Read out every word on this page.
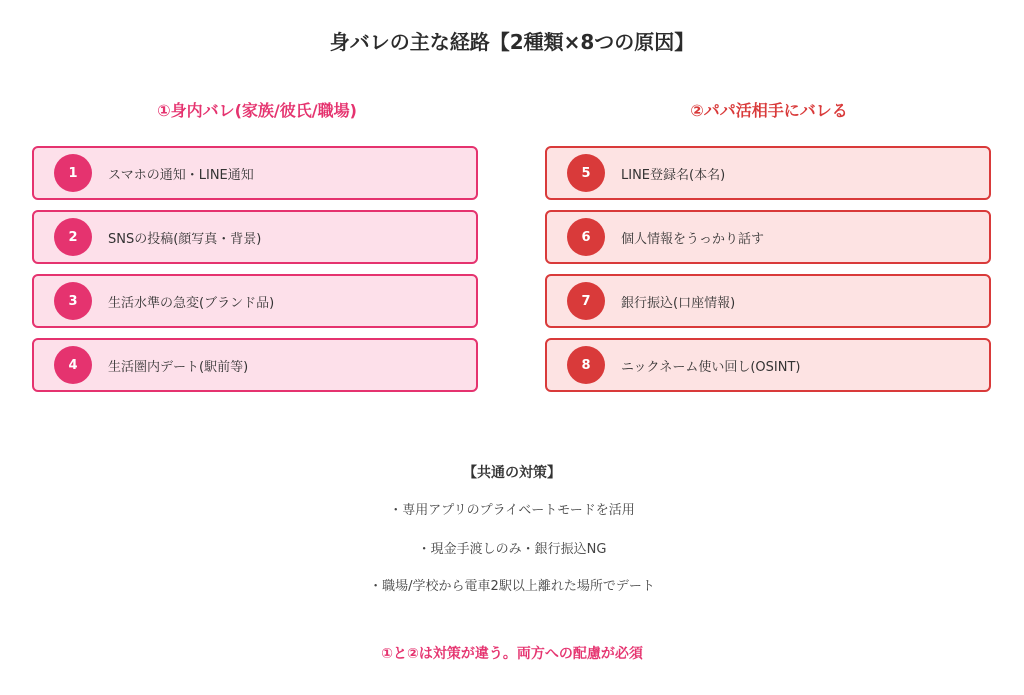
身バレの主な経路【2種類×8つの原因】
①身内バレ(家族/彼氏/職場)	②パパ活相手にバレる
1	スマホの通知・LINE通知
2	SNSの投稿(顔写真・背景)
3	生活水準の急変(ブランド品)
4	生活圏内デート(駅前等)
5	LINE登録名(本名)
6	個人情報をうっかり話す
7	銀行振込(口座情報)
8	ニックネーム使い回し(OSINT)
【共通の対策】
・専用アプリのプライベートモードを活用
・現金手渡しのみ・銀行振込NG
・職場/学校から電車2駅以上離れた場所でデート
①と②は対策が違う。両方への配慮が必須
